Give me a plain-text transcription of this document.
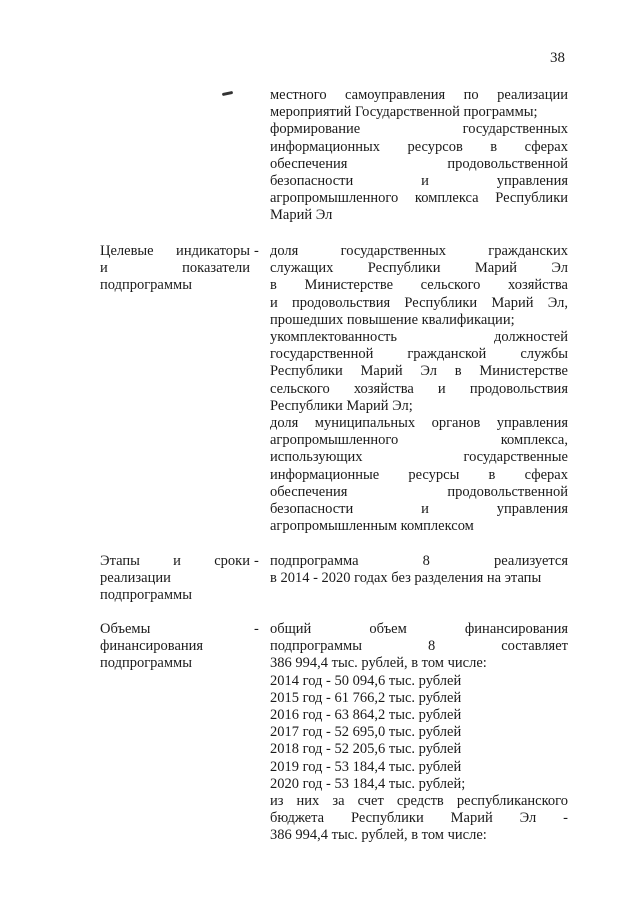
38
местного самоуправления по реализации
мероприятий Государственной программы;
формирование государственных
информационных ресурсов в сферах
обеспечения продовольственной
безопасности и управления
агропромышленного комплекса Республики
Марий Эл
Целевые индикаторы
и показатели
подпрограммы
- доля государственных гражданских
служащих Республики Марий Эл
в Министерстве сельского хозяйства
и продовольствия Республики Марий Эл,
прошедших повышение квалификации;
укомплектованность должностей
государственной гражданской службы
Республики Марий Эл в Министерстве
сельского хозяйства и продовольствия
Республики Марий Эл;
доля муниципальных органов управления
агропромышленного комплекса,
использующих государственные
информационные ресурсы в сферах
обеспечения продовольственной
безопасности и управления
агропромышленным комплексом
Этапы и сроки
реализации
подпрограммы
- подпрограмма 8 реализуется
в 2014 - 2020 годах без разделения на этапы
Объемы
финансирования
подпрограммы
- общий объем финансирования
подпрограммы 8 составляет
386 994,4 тыс. рублей, в том числе:
2014 год - 50 094,6 тыс. рублей
2015 год - 61 766,2 тыс. рублей
2016 год - 63 864,2 тыс. рублей
2017 год - 52 695,0 тыс. рублей
2018 год - 52 205,6 тыс. рублей
2019 год - 53 184,4 тыс. рублей
2020 год - 53 184,4 тыс. рублей;
из них за счет средств республиканского
бюджета Республики Марий Эл -
386 994,4 тыс. рублей, в том числе:
